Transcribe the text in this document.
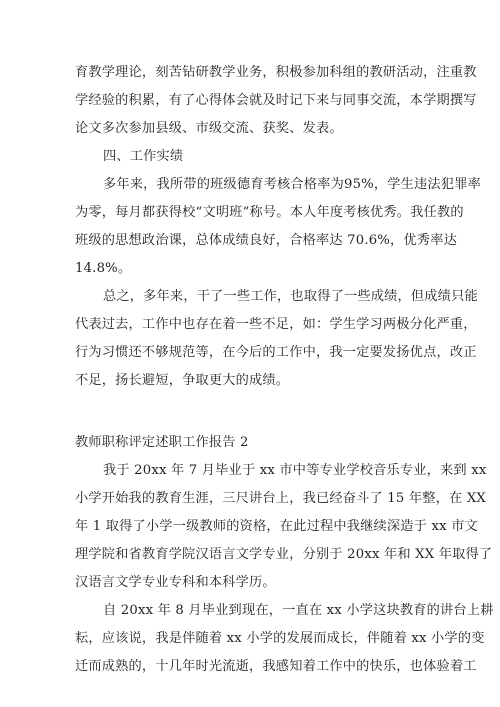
育教学理论，刻苦钻研教学业务，积极参加科组的教研活动，注重教
学经验的积累，有了心得体会就及时记下来与同事交流，本学期撰写
论文多次参加县级、市级交流、获奖、发表。
四、工作实绩
多年来，我所带的班级德育考核合格率为95%，学生违法犯罪率
为零，每月都获得校“文明班”称号。本人年度考核优秀。我任教的
班级的思想政治课，总体成绩良好，合格率达 70.6%，优秀率达
14.8%。
总之，多年来，干了一些工作，也取得了一些成绩，但成绩只能
代表过去，工作中也存在着一些不足，如：学生学习两极分化严重，
行为习惯还不够规范等，在今后的工作中，我一定要发扬优点，改正
不足，扬长避短，争取更大的成绩。
教师职称评定述职工作报告 2
我于 20xx 年 7 月毕业于 xx 市中等专业学校音乐专业，来到 xx
小学开始我的教育生涯，三尺讲台上，我已经奋斗了 15 年整，在 XX
年 1 取得了小学一级教师的资格，在此过程中我继续深造于 xx 市文
理学院和省教育学院汉语言文学专业，分别于 20xx 年和 XX 年取得了
汉语言文学专业专科和本科学历。
自 20xx 年 8 月毕业到现在，一直在 xx 小学这块教育的讲台上耕
耘，应该说，我是伴随着 xx 小学的发展而成长，伴随着 xx 小学的变
迁而成熟的，十几年时光流逝，我感知着工作中的快乐，也体验着工
